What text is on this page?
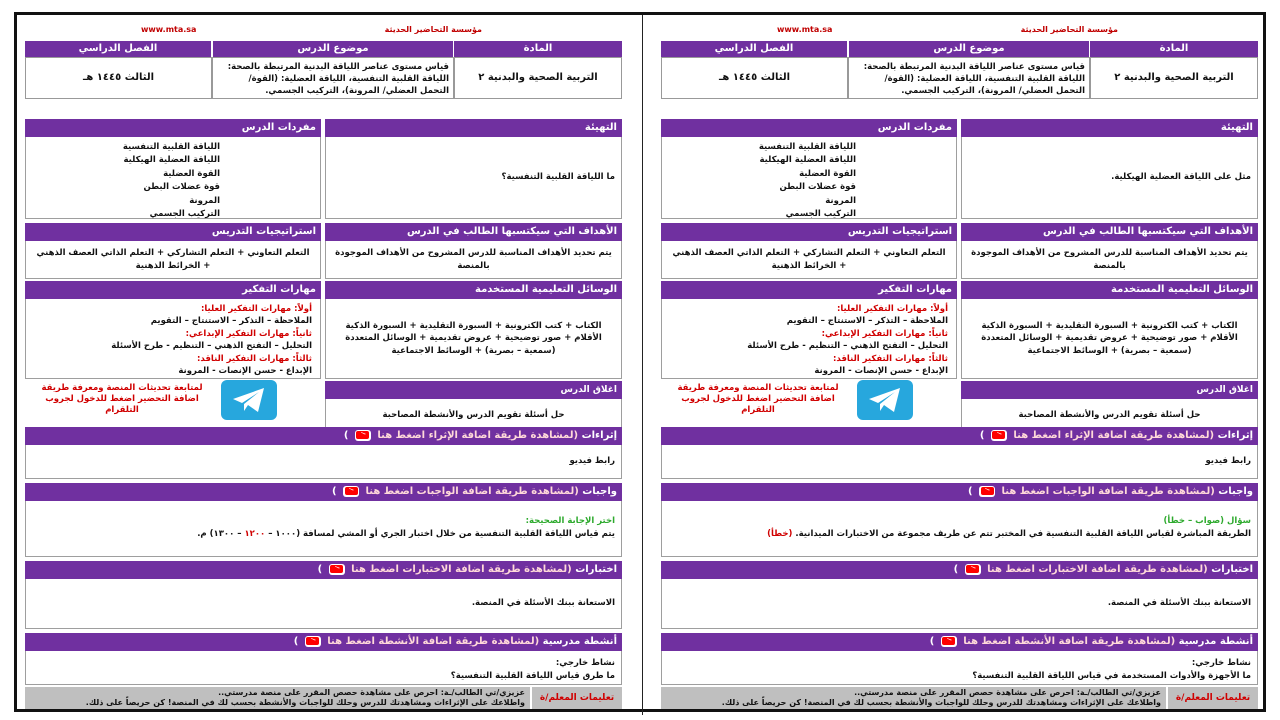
مؤسسة التحاضير الحديثة
www.mta.sa
المادة
موضوع الدرس
الفصل الدراسي
التربية الصحية والبدنية ٢
قياس مستوى عناصر اللياقة البدنية المرتبطة بالصحة: اللياقة القلبية التنفسية، اللياقة العضلية: (القوة/ التحمل العضلي/ المرونة)، التركيب الجسمي.
الثالث ١٤٤٥ هـ
التهيئة
ما اللياقة القلبية التنفسية؟
مفردات الدرس
اللياقة القلبية التنفسية
اللياقة العضلية الهيكلية
القوة العضلية
قوة عضلات البطن
المرونة
التركيب الجسمي
الأهداف التي سيكتسبها الطالب في الدرس
يتم تحديد الأهداف المناسبة للدرس المشروح من الأهداف الموجودة بالمنصة
استراتيجيات التدريس
التعلم التعاوني + التعلم التشاركي + التعلم الذاتي العصف الذهني + الخرائط الذهنية
الوسائل التعليمية المستخدمة
الكتاب + كتب الكترونية + السبورة التقليدية + السبورة الذكية الأقلام + صور توضيحية + عروض تقديمية + الوسائل المتعددة (سمعية – بصرية) + الوسائط الاجتماعية
مهارات التفكير
أولاً: مهارات التفكير العليا:
الملاحظة – التذكر – الاستنتاج – التقويم
ثانياً: مهارات التفكير الإبداعي:
التحليل – التفتح الذهني – التنظيم - طرح الأسئلة
ثالثاً: مهارات التفكير الناقد:
الإبداع - حسن الإنصات - المرونة
اغلاق الدرس
حل أسئلة تقويم الدرس والأنشطة المصاحبة
لمتابعة تحديثات المنصة ومعرفة طريقة اضافة التحضير اضغط للدخول لجروب التلقرام
إثراءات (لمشاهدة طريقة اضافة الإثراء اضغط هنا
)
رابط فيديو
واجبات (لمشاهدة طريقة اضافة الواجبات اضغط هنا
)
اختر الإجابة الصحيحة:
يتم قياس اللياقة القلبية التنفسية من خلال اختبار الجري أو المشي لمسافة (١٠٠٠ – ١٢٠٠ – ١٣٠٠) م.
اختبارات (لمشاهدة طريقة اضافة الاختبارات اضغط هنا
)
الاستعانة ببنك الأسئلة في المنصة.
أنشطة مدرسية (لمشاهدة طريقة اضافة الأنشطة اضغط هنا
)
نشاط خارجي:
ما طرق قياس اللياقة القلبية التنفسية؟
تعليمات المعلم/ة
عزيزي/تي الطالب/ـة: احرص على مشاهدة حصص المقرر على منصة مدرستي..
واطلاعك على الإثراءات ومشاهدتك للدرس وحلك للواجبات والأنشطة بحسب لك في المنصة! كن حريصاً على ذلك.
مؤسسة التحاضير الحديثة
www.mta.sa
المادة
موضوع الدرس
الفصل الدراسي
التربية الصحية والبدنية ٢
قياس مستوى عناصر اللياقة البدنية المرتبطة بالصحة: اللياقة القلبية التنفسية، اللياقة العضلية: (القوة/ التحمل العضلي/ المرونة)، التركيب الجسمي.
الثالث ١٤٤٥ هـ
التهيئة
مثل على اللياقة العضلية الهيكلية.
مفردات الدرس
اللياقة القلبية التنفسية
اللياقة العضلية الهيكلية
القوة العضلية
قوة عضلات البطن
المرونة
التركيب الجسمي
الأهداف التي سيكتسبها الطالب في الدرس
يتم تحديد الأهداف المناسبة للدرس المشروح من الأهداف الموجودة بالمنصة
استراتيجيات التدريس
التعلم التعاوني + التعلم التشاركي + التعلم الذاتي العصف الذهني + الخرائط الذهنية
الوسائل التعليمية المستخدمة
الكتاب + كتب الكترونية + السبورة التقليدية + السبورة الذكية الأقلام + صور توضيحية + عروض تقديمية + الوسائل المتعددة (سمعية – بصرية) + الوسائط الاجتماعية
مهارات التفكير
أولاً: مهارات التفكير العليا:
الملاحظة – التذكر – الاستنتاج – التقويم
ثانياً: مهارات التفكير الإبداعي:
التحليل – التفتح الذهني – التنظيم - طرح الأسئلة
ثالثاً: مهارات التفكير الناقد:
الإبداع - حسن الإنصات - المرونة
اغلاق الدرس
حل أسئلة تقويم الدرس والأنشطة المصاحبة
لمتابعة تحديثات المنصة ومعرفة طريقة اضافة التحضير اضغط للدخول لجروب التلقرام
إثراءات (لمشاهدة طريقة اضافة الإثراء اضغط هنا
)
رابط فيديو
واجبات (لمشاهدة طريقة اضافة الواجبات اضغط هنا
)
سؤال (صواب – خطأ)
الطريقة المباشرة لقياس اللياقة القلبية التنفسية في المختبر تتم عن طريف مجموعة من الاختبارات الميدانية. (خطأ)
اختبارات (لمشاهدة طريقة اضافة الاختبارات اضغط هنا
)
الاستعانة ببنك الأسئلة في المنصة.
أنشطة مدرسية (لمشاهدة طريقة اضافة الأنشطة اضغط هنا
)
نشاط خارجي:
ما الأجهزة والأدوات المستخدمة في قياس اللياقة القلبية التنفسية؟
تعليمات المعلم/ة
عزيزي/تي الطالب/ـة: احرص على مشاهدة حصص المقرر على منصة مدرستي..
واطلاعك على الإثراءات ومشاهدتك للدرس وحلك للواجبات والأنشطة بحسب لك في المنصة! كن حريصاً على ذلك.
